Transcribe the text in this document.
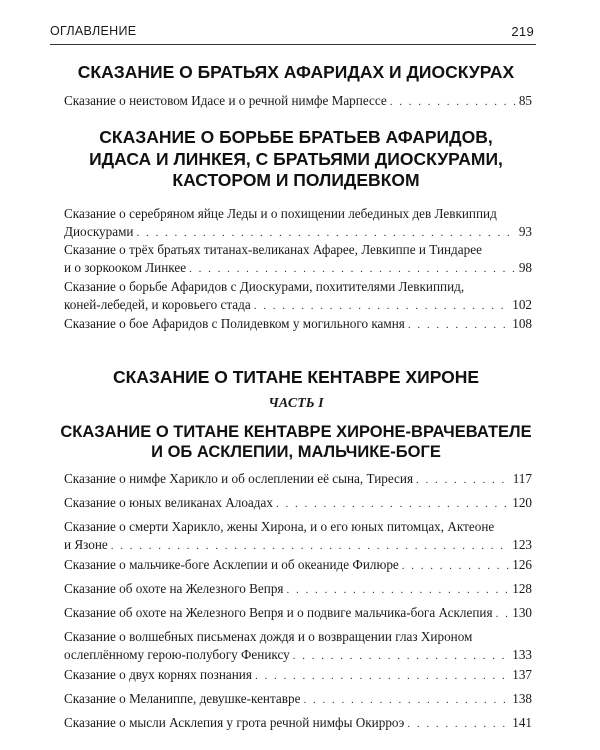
ОГЛАВЛЕНИЕ	219
СКАЗАНИЕ О БРАТЬЯХ АФАРИДАХ И ДИОСКУРАХ
Сказание о неистовом Идасе и о речной нимфе Марпессе . . .	85
СКАЗАНИЕ О БОРЬБЕ БРАТЬЕВ АФАРИДОВ,
ИДАСА И ЛИНКЕЯ, С БРАТЬЯМИ ДИОСКУРАМИ,
КАСТОРОМ И ПОЛИДЕВКОМ
Сказание о серебряном яйце Леды и о похищении лебединых дев Левкиппид
Диоскурами . . .	93
Сказание о трёх братьях титанах-великанах Афарее, Левкиппе и Тиндарее
и о зоркооком Линкее . . .	98
Сказание о борьбе Афаридов с Диоскурами, похитителями Левкиппид,
коней-лебедей, и коровьего стада . . .	102
Сказание о бое Афаридов с Полидевком у могильного камня . . .	108
СКАЗАНИЕ О ТИТАНЕ КЕНТАВРЕ ХИРОНЕ
ЧАСТЬ I
СКАЗАНИЕ О ТИТАНЕ КЕНТАВРЕ ХИРОНЕ-ВРАЧЕВАТЕЛЕ
И ОБ АСКЛЕПИИ, МАЛЬЧИКЕ-БОГЕ
Сказание о нимфе Харикло и об ослеплении её сына, Тиресия . . .	117
Сказание о юных великанах Алоадах . . .	120
Сказание о смерти Харикло, жены Хирона, и о его юных питомцах, Актеоне
и Язоне . . .	123
Сказание о мальчике-боге Асклепии и об океаниде Филюре . . .	126
Сказание об охоте на Железного Вепря . . .	128
Сказание об охоте на Железного Вепря и о подвиге мальчика-бога Асклепия . . . 130
Сказание о волшебных письменах дождя и о возвращении глаз Хироном
ослеплённому герою-полубогу Фениксу . . .	133
Сказание о двух корнях познания . . .	137
Сказание о Меланиппе, девушке-кентавре . . .	138
Сказание о мысли Асклепия у грота речной нимфы Окирроэ . . .	141
